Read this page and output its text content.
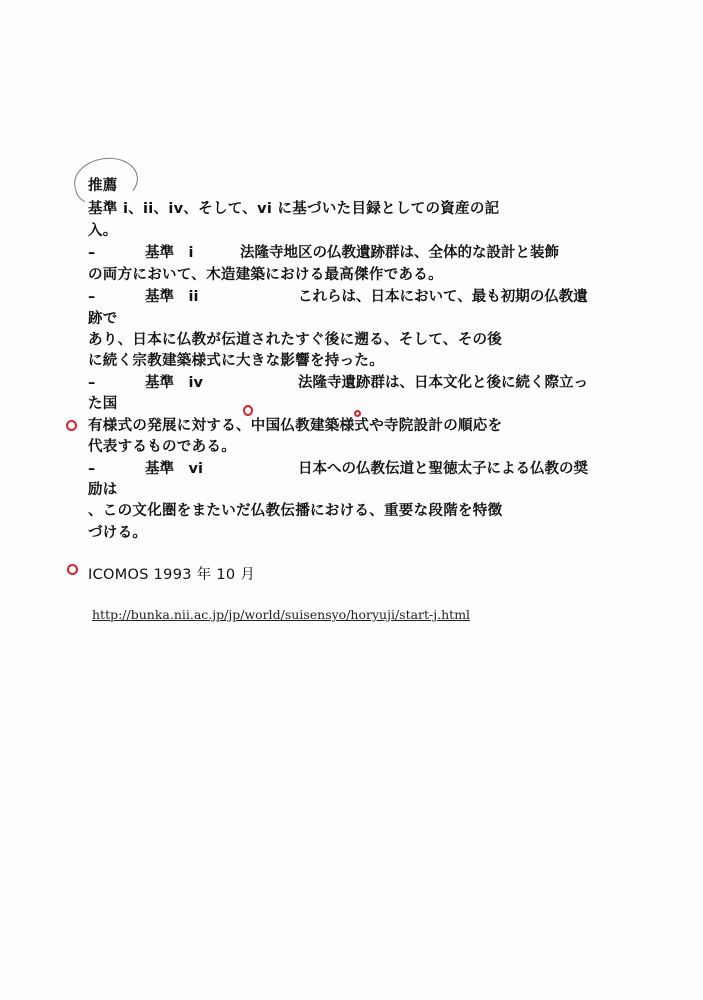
推薦
基準 i、ii、iv、そして、vi に基づいた目録としての資産の記
入。
–	基準　i	法隆寺地区の仏教遺跡群は、全体的な設計と装飾
の両方において、木造建築における最高傑作である。
–	基準　ii	これらは、日本において、最も初期の仏教遺
跡で
あり、日本に仏教が伝道されたすぐ後に遡る、そして、その後
に続く宗教建築様式に大きな影響を持った。
–	基準　iv	法隆寺遺跡群は、日本文化と後に続く際立っ
た国
有様式の発展に対する、中国仏教建築様式や寺院設計の順応を
代表するものである。
–	基準　vi	日本への仏教伝道と聖徳太子による仏教の奨
励は
、この文化圏をまたいだ仏教伝播における、重要な段階を特徴
づける。
ICOMOS 1993 年 10 月
http://bunka.nii.ac.jp/jp/world/suisensyo/horyuji/start-j.html
